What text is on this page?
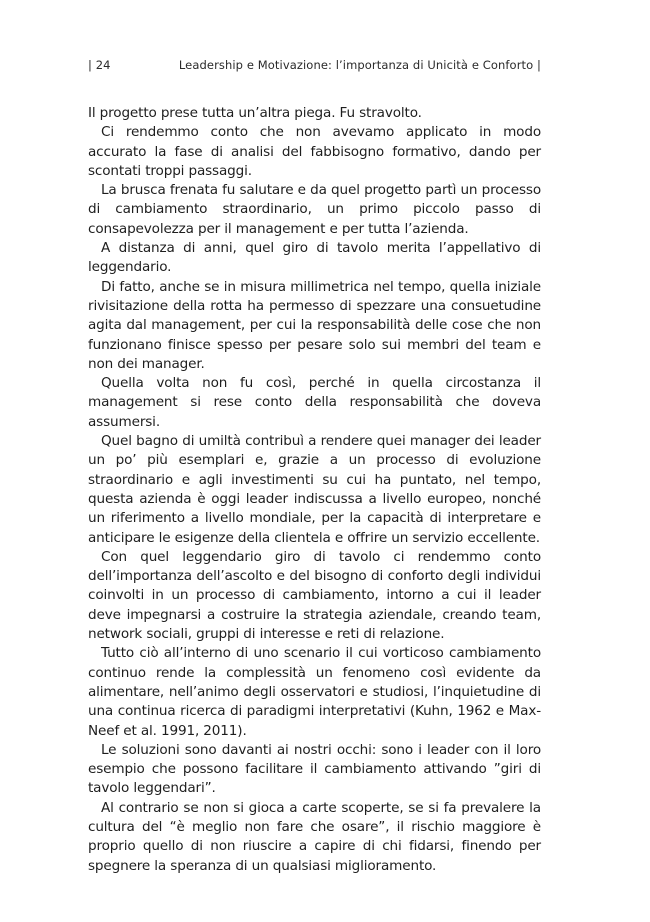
| 24	Leadership e Motivazione: l’importanza di Unicità e Conforto |

Il progetto prese tutta un’altra piega. Fu stravolto.

Ci rendemmo conto che non avevamo applicato in modo accurato la fase di analisi del fabbisogno formativo, dando per scontati troppi passaggi.

La brusca frenata fu salutare e da quel progetto partì un processo di cambiamento straordinario, un primo piccolo passo di consapevolezza per il management e per tutta l’azienda.

A distanza di anni, quel giro di tavolo merita l’appellativo di leggendario.

Di fatto, anche se in misura millimetrica nel tempo, quella iniziale rivisitazione della rotta ha permesso di spezzare una consuetudine agita dal management, per cui la responsabilità delle cose che non funzionano finisce spesso per pesare solo sui membri del team e non dei manager.

Quella volta non fu così, perché in quella circostanza il management si rese conto della responsabilità che doveva assumersi.

Quel bagno di umiltà contribuì a rendere quei manager dei leader un po’ più esemplari e, grazie a un processo di evoluzione straordinario e agli investimenti su cui ha puntato, nel tempo, questa azienda è oggi leader indiscussa a livello europeo, nonché un riferimento a livello mondiale, per la capacità di interpretare e anticipare le esigenze della clientela e offrire un servizio eccellente.

Con quel leggendario giro di tavolo ci rendemmo conto dell’importanza dell’ascolto e del bisogno di conforto degli individui coinvolti in un processo di cambiamento, intorno a cui il leader deve impegnarsi a costruire la strategia aziendale, creando team, network sociali, gruppi di interesse e reti di relazione.

Tutto ciò all’interno di uno scenario il cui vorticoso cambiamento continuo rende la complessità un fenomeno così evidente da alimentare, nell’animo degli osservatori e studiosi, l’inquietudine di una continua ricerca di paradigmi interpretativi (Kuhn, 1962 e Max-Neef et al. 1991, 2011).

Le soluzioni sono davanti ai nostri occhi: sono i leader con il loro esempio che possono facilitare il cambiamento attivando ”giri di tavolo leggendari”.

Al contrario se non si gioca a carte scoperte, se si fa prevalere la cultura del “è meglio non fare che osare”, il rischio maggiore è proprio quello di non riuscire a capire di chi fidarsi, finendo per spegnere la speranza di un qualsiasi miglioramento.
